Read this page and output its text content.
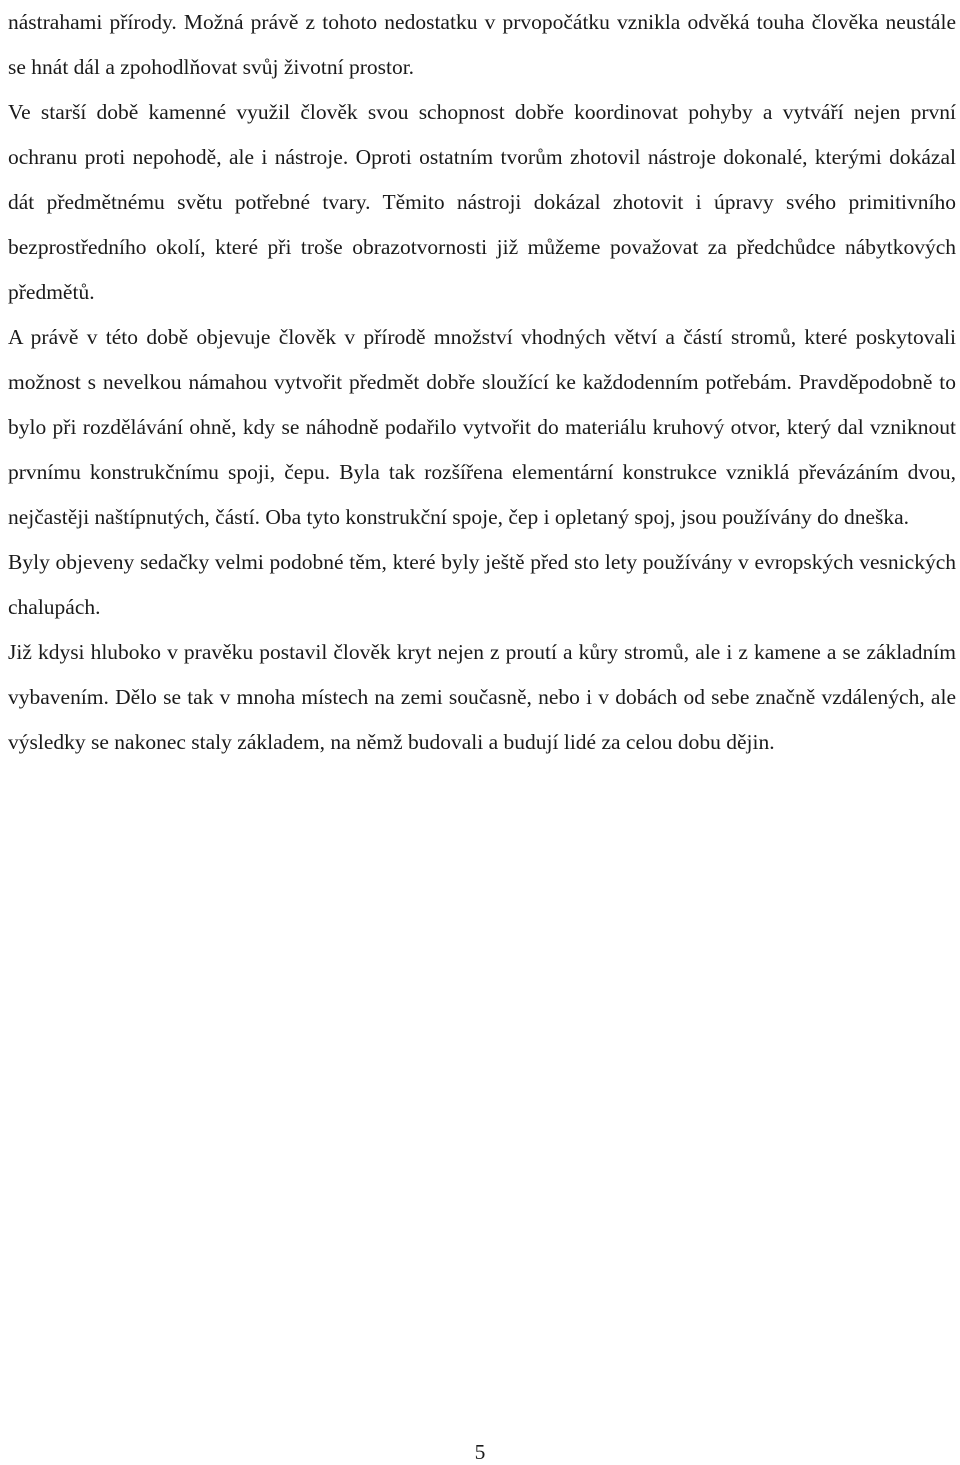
nástrahami přírody. Možná právě z tohoto nedostatku v prvopočátku vznikla odvěká touha člověka neustále se hnát dál a zpohodlňovat svůj životní prostor.

Ve starší době kamenné využil člověk svou schopnost dobře koordinovat pohyby a vytváří nejen první ochranu proti nepohodě, ale i nástroje. Oproti ostatním tvorům zhotovil nástroje dokonalé, kterými dokázal dát předmětnému světu potřebné tvary. Těmito nástroji dokázal zhotovit i úpravy svého primitivního bezprostředního okolí, které při troše obrazotvornosti již můžeme považovat za předchůdce nábytkových předmětů.

A právě v této době objevuje člověk v přírodě množství vhodných větví a částí stromů, které poskytovali možnost s nevelkou námahou vytvořit předmět dobře sloužící ke každodenním potřebám. Pravděpodobně to bylo při rozdělávání ohně, kdy se náhodně podařilo vytvořit do materiálu kruhový otvor, který dal vzniknout prvnímu konstrukčnímu spoji, čepu. Byla tak rozšířena elementární konstrukce vzniklá převázáním dvou, nejčastěji naštípnutých, částí. Oba tyto konstrukční spoje, čep i opletaný spoj, jsou používány do dneška.

Byly objeveny sedačky velmi podobné těm, které byly ještě před sto lety používány v evropských vesnických chalupách.

Již kdysi hluboko v pravěku postavil člověk kryt nejen z proutí a kůry stromů, ale i z kamene a se základním vybavením. Dělo se tak v mnoha místech na zemi současně, nebo i v dobách od sebe značně vzdálených, ale výsledky se nakonec staly základem, na němž budovali a budují lidé za celou dobu dějin.

5
